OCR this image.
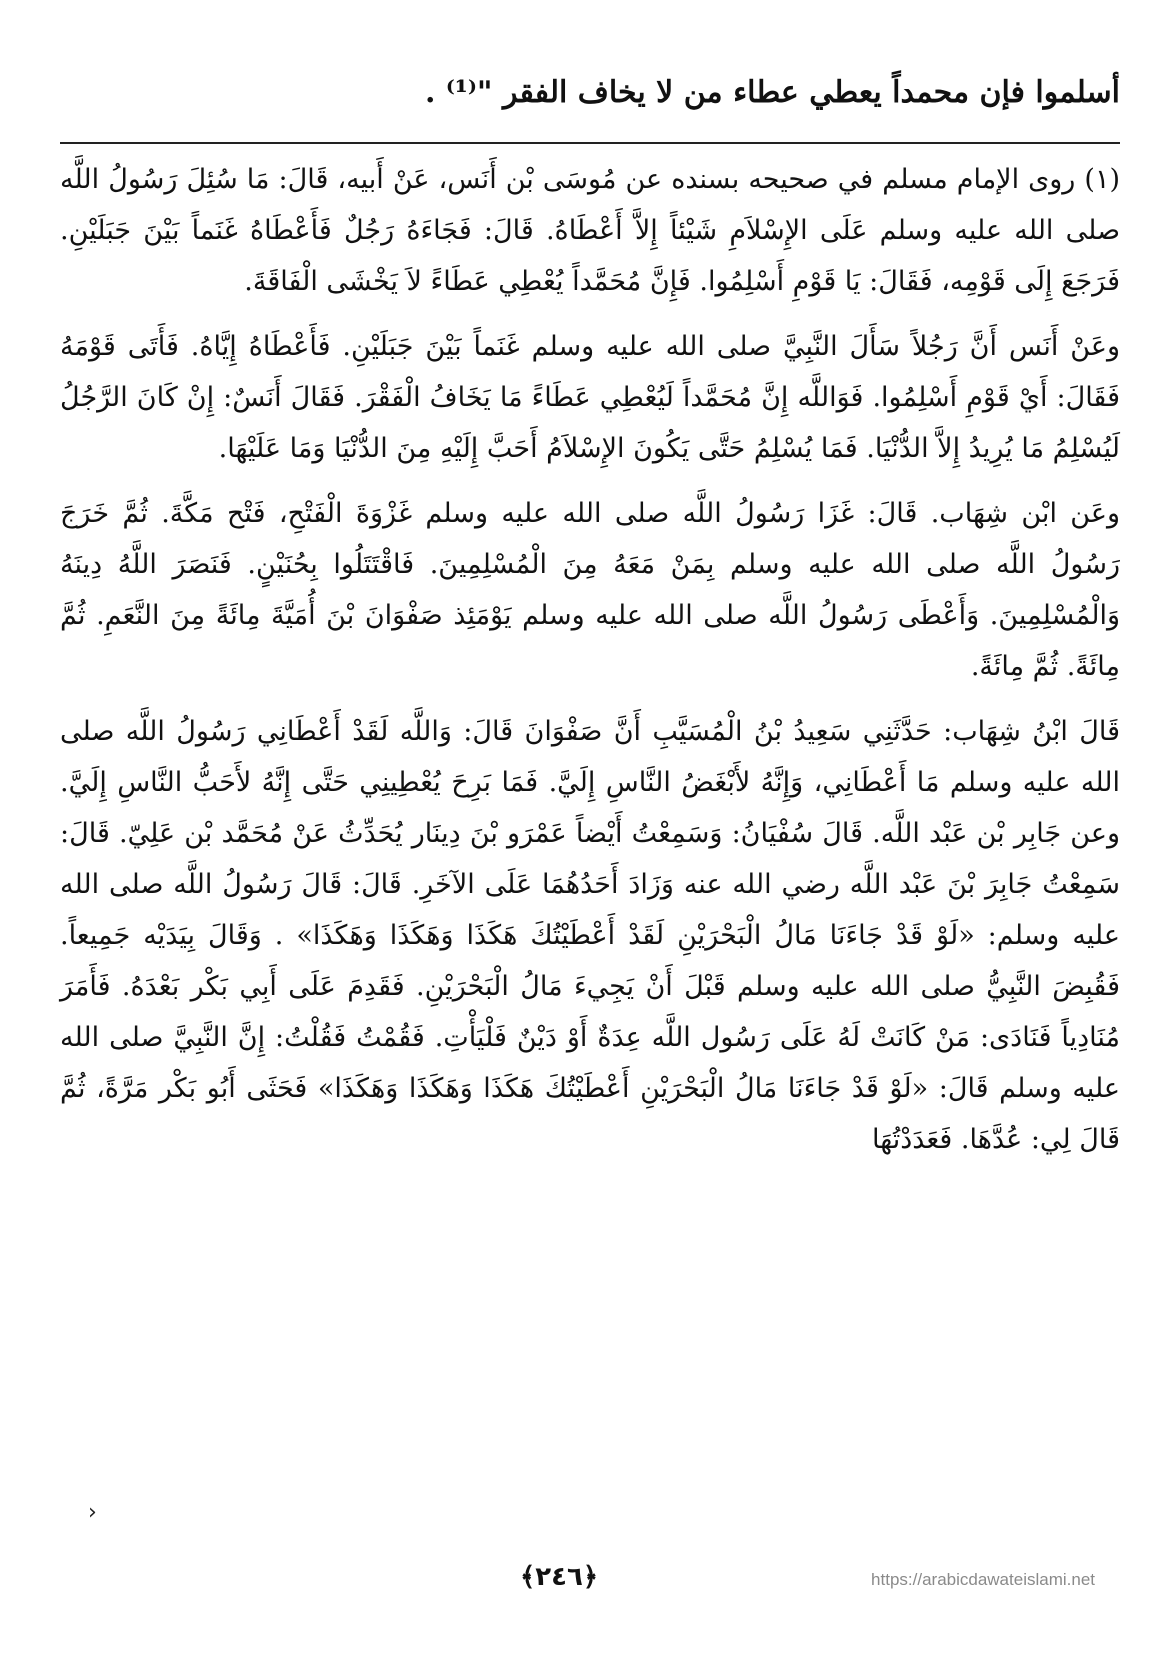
أسلموا فإن محمداً يعطي عطاء من لا يخاف الفقر "⁽¹⁾ .

(١) روى الإمام مسلم في صحيحه بسنده عن مُوسَى بْن أَنَس، عَنْ أَبيه، قَالَ: مَا سُئِلَ رَسُولُ اللَّه صلى الله عليه وسلم عَلَى الإِسْلاَمِ شَيْئاً إِلاَّ أَعْطَاهُ. قَالَ: فَجَاءَهُ رَجُلٌ فَأَعْطَاهُ غَنَماً بَيْنَ جَبَلَيْنِ. فَرَجَعَ إِلَى قَوْمِه، فَقَالَ: يَا قَوْمِ أَسْلِمُوا. فَإِنَّ مُحَمَّداً يُعْطِي عَطَاءً لاَ يَخْشَى الْفَاقَةَ.

وعَنْ أَنَس أَنَّ رَجُلاً سَأَلَ النَّبِيَّ صلى الله عليه وسلم غَنَماً بَيْنَ جَبَلَيْنِ. فَأَعْطَاهُ إِيَّاهُ. فَأَتَى قَوْمَهُ فَقَالَ: أَيْ قَوْمِ أَسْلِمُوا. فَوَاللَّه إِنَّ مُحَمَّداً لَيُعْطِي عَطَاءً مَا يَخَافُ الْفَقْرَ. فَقَالَ أَنَسٌ: إِنْ كَانَ الرَّجُلُ لَيُسْلِمُ مَا يُرِيدُ إِلاَّ الدُّنْيَا. فَمَا يُسْلِمُ حَتَّى يَكُونَ الإِسْلاَمُ أَحَبَّ إِلَيْهِ مِنَ الدُّنْيَا وَمَا عَلَيْهَا.

وعَن ابْن شِهَاب. قَالَ: غَزَا رَسُولُ اللَّه صلى الله عليه وسلم غَزْوَةَ الْفَتْحِ، فَتْح مَكَّةَ. ثُمَّ خَرَجَ رَسُولُ اللَّه صلى الله عليه وسلم بِمَنْ مَعَهُ مِنَ الْمُسْلِمِينَ. فَاقْتَتَلُوا بِحُنَيْنٍ. فَنَصَرَ اللَّهُ دِينَهُ وَالْمُسْلِمِينَ. وَأَعْطَى رَسُولُ اللَّه صلى الله عليه وسلم يَوْمَئِذ صَفْوَانَ بْنَ أُمَيَّةَ مِائَةً مِنَ النَّعَمِ. ثُمَّ مِائَةً. ثُمَّ مِائَةً.

قَالَ ابْنُ شِهَاب: حَدَّثَنِي سَعِيدُ بْنُ الْمُسَيَّبِ أَنَّ صَفْوَانَ قَالَ: وَاللَّه لَقَدْ أَعْطَانِي رَسُولُ اللَّه صلى الله عليه وسلم مَا أَعْطَانِي، وَإِنَّهُ لأَبْغَضُ النَّاسِ إِلَيَّ. فَمَا بَرِحَ يُعْطِينِي حَتَّى إِنَّهُ لأَحَبُّ النَّاسِ إِلَيَّ. وعن جَابِر بْن عَبْد اللَّه. قَالَ سُفْيَانُ: وَسَمِعْتُ أَيْضاً عَمْرَو بْنَ دِينَار يُحَدِّثُ عَنْ مُحَمَّد بْن عَلِيّ. قَالَ: سَمِعْتُ جَابِرَ بْنَ عَبْد اللَّه رضي الله عنه وَزَادَ أَحَدُهُمَا عَلَى الآخَرِ. قَالَ: قَالَ رَسُولُ اللَّه صلى الله عليه وسلم: «لَوْ قَدْ جَاءَنَا مَالُ الْبَحْرَيْنِ لَقَدْ أَعْطَيْتُكَ هَكَذَا وَهَكَذَا وَهَكَذَا» . وَقَالَ بِيَدَيْه جَمِيعاً. فَقُبِضَ النَّبِيُّ صلى الله عليه وسلم قَبْلَ أَنْ يَجِيءَ مَالُ الْبَحْرَيْنِ. فَقَدِمَ عَلَى أَبِي بَكْر بَعْدَهُ. فَأَمَرَ مُنَادِياً فَنَادَى: مَنْ كَانَتْ لَهُ عَلَى رَسُول اللَّه عِدَةٌ أَوْ دَيْنٌ فَلْيَأْتِ. فَقُمْتُ فَقُلْتُ: إِنَّ النَّبِيَّ صلى الله عليه وسلم قَالَ: «لَوْ قَدْ جَاءَنَا مَالُ الْبَحْرَيْنِ أَعْطَيْتُكَ هَكَذَا وَهَكَذَا وَهَكَذَا» فَحَثَى أَبُو بَكْر مَرَّةً، ثُمَّ قَالَ لِي: عُدَّهَا. فَعَدَدْتُهَا

›
﴿٢٤٦﴾	https://arabicdawateislami.net
